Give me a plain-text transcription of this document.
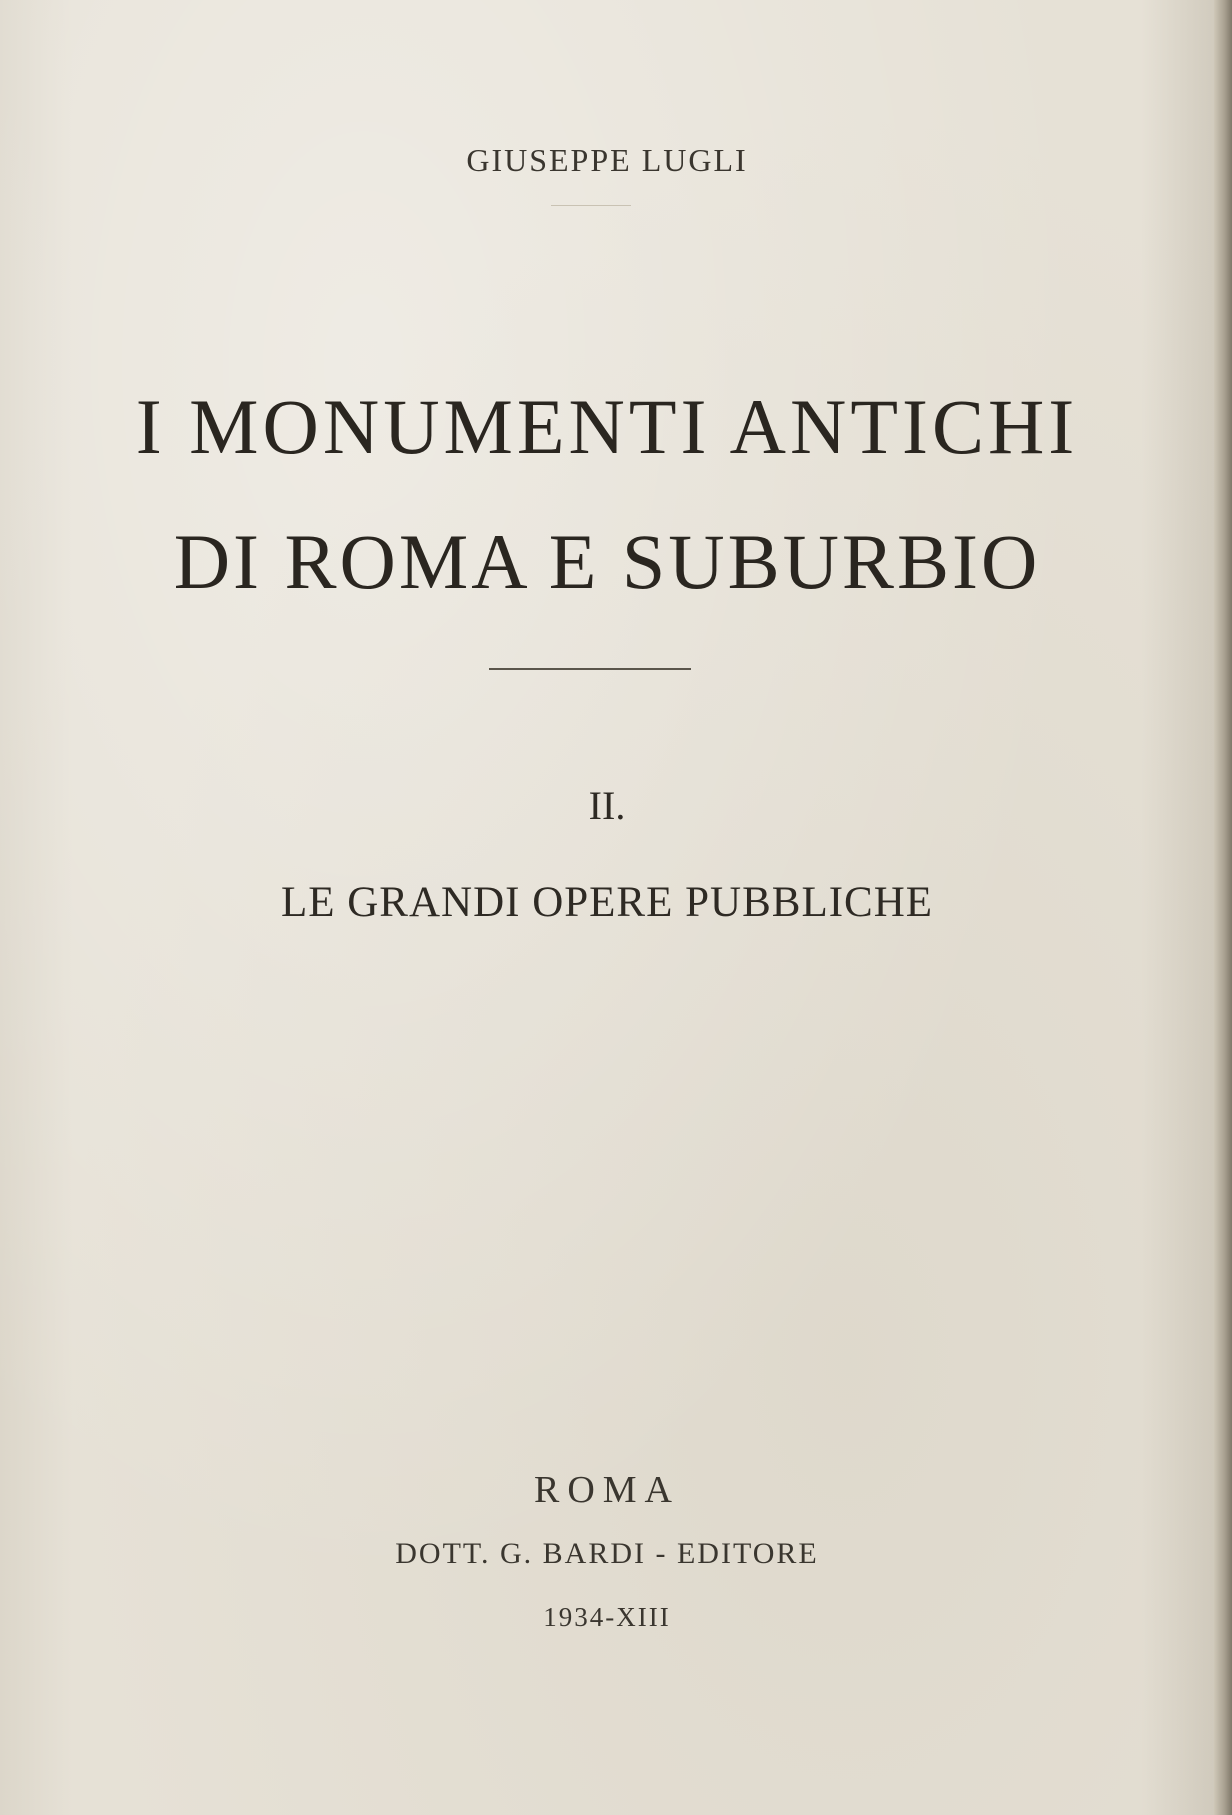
GIUSEPPE LUGLI
I MONUMENTI ANTICHI
DI ROMA E SUBURBIO
II.
LE GRANDI OPERE PUBBLICHE
ROMA
DOTT. G. BARDI - EDITORE
1934-XIII
